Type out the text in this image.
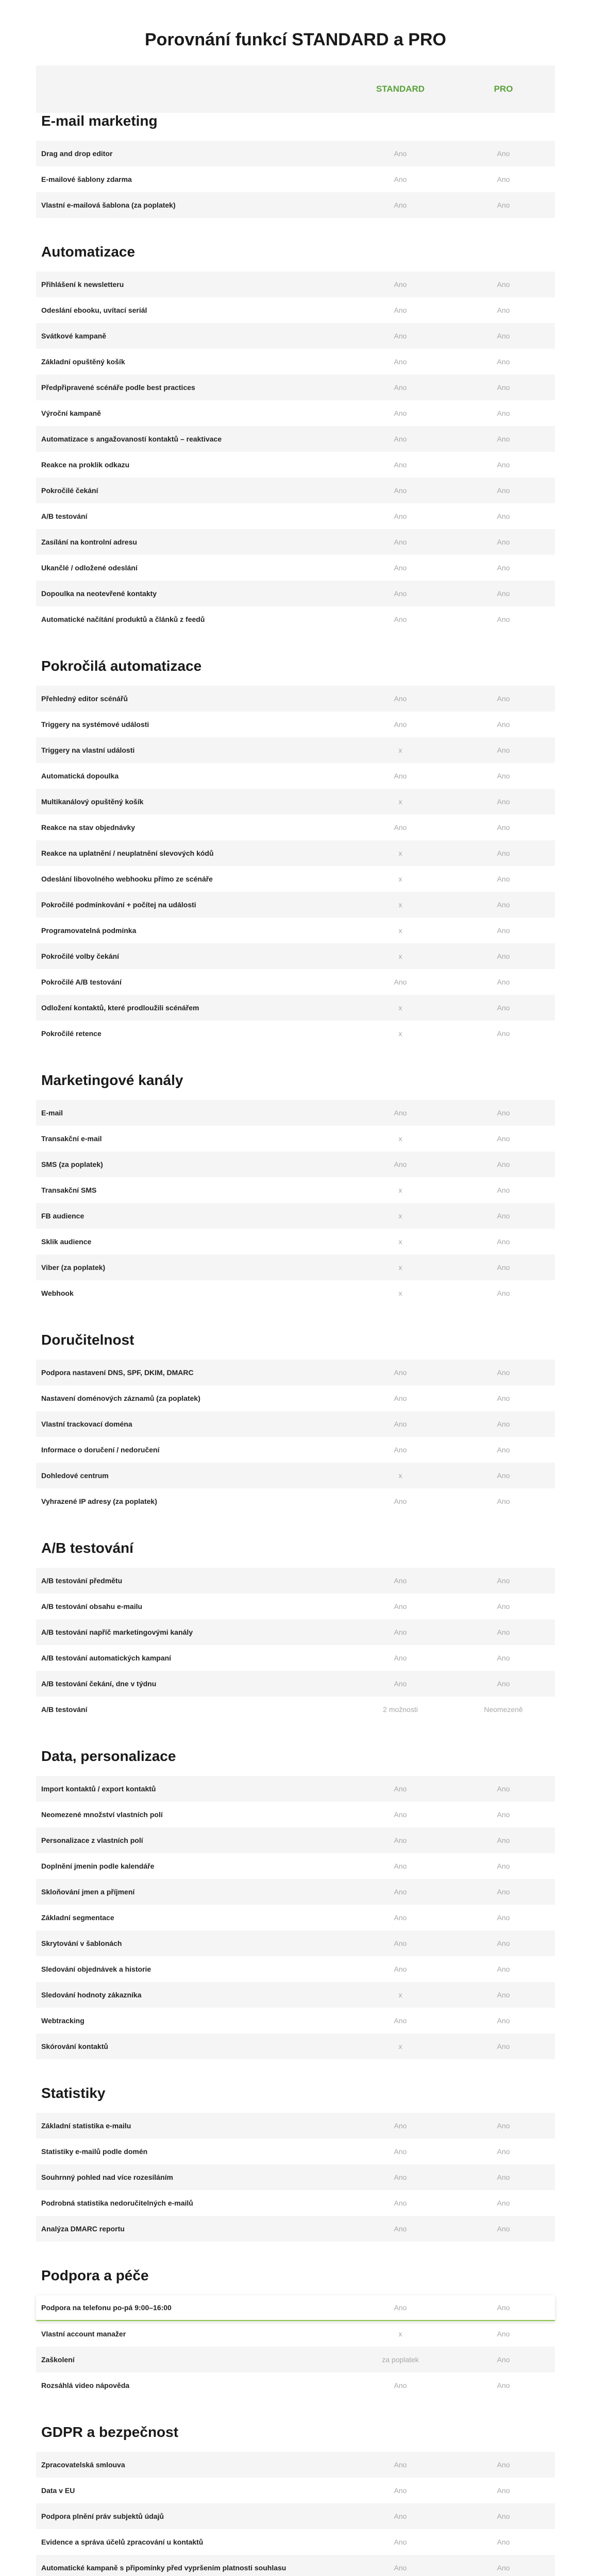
Porovnání funkcí STANDARD a PRO
STANDARD	PRO
E-mail marketing
Drag and drop editor	Ano	Ano
E-mailové šablony zdarma	Ano	Ano
Vlastní e-mailová šablona (za poplatek)	Ano	Ano
Automatizace
Přihlášení k newsletteru	Ano	Ano
Odeslání ebooku, uvítací seriál	Ano	Ano
Svátkové kampaně	Ano	Ano
Základní opuštěný košík	Ano	Ano
Předpřipravené scénáře podle best practices	Ano	Ano
Výroční kampaně	Ano	Ano
Automatizace s angažovaností kontaktů – reaktivace	Ano	Ano
Reakce na proklik odkazu	Ano	Ano
Pokročilé čekání	Ano	Ano
A/B testování	Ano	Ano
Zasílání na kontrolní adresu	Ano	Ano
Ukančlé / odložené odeslání	Ano	Ano
Dopoulka na neotevřené kontakty	Ano	Ano
Automatické načítání produktů a článků z feedů	Ano	Ano
Pokročilá automatizace
Přehledný editor scénářů	Ano	Ano
Triggery na systémové události	Ano	Ano
Triggery na vlastní události	x	Ano
Automatická dopoulka	Ano	Ano
Multikanálový opuštěný košík	x	Ano
Reakce na stav objednávky	Ano	Ano
Reakce na uplatnění / neuplatnění slevových kódů	x	Ano
Odeslání libovolného webhooku přímo ze scénáře	x	Ano
Pokročilé podmínkování + počítej na události	x	Ano
Programovatelná podmínka	x	Ano
Pokročilé volby čekání	x	Ano
Pokročilé A/B testování	Ano	Ano
Odložení kontaktů, které prodloužili scénářem	x	Ano
Pokročilé retence	x	Ano
Marketingové kanály
E-mail	Ano	Ano
Transakční e-mail	x	Ano
SMS (za poplatek)	Ano	Ano
Transakční SMS	x	Ano
FB audience	x	Ano
Sklik audience	x	Ano
Viber (za poplatek)	x	Ano
Webhook	x	Ano
Doručitelnost
Podpora nastavení DNS, SPF, DKIM, DMARC	Ano	Ano
Nastavení doménových záznamů (za poplatek)	Ano	Ano
Vlastní trackovací doména	Ano	Ano
Informace o doručení / nedoručení	Ano	Ano
Dohledové centrum	x	Ano
Vyhrazené IP adresy (za poplatek)	Ano	Ano
A/B testování
A/B testování předmětu	Ano	Ano
A/B testování obsahu e-mailu	Ano	Ano
A/B testování napříč marketingovými kanály	Ano	Ano
A/B testování automatických kampaní	Ano	Ano
A/B testování čekání, dne v týdnu	Ano	Ano
A/B testování	2 možnosti	Neomezeně
Data, personalizace
Import kontaktů / export kontaktů	Ano	Ano
Neomezené množství vlastních polí	Ano	Ano
Personalizace z vlastních polí	Ano	Ano
Doplnění jmenin podle kalendáře	Ano	Ano
Skloňování jmen a příjmení	Ano	Ano
Základní segmentace	Ano	Ano
Skrytování v šablonách	Ano	Ano
Sledování objednávek a historie	Ano	Ano
Sledování hodnoty zákazníka	x	Ano
Webtracking	Ano	Ano
Skórování kontaktů	x	Ano
Statistiky
Základní statistika e-mailu	Ano	Ano
Statistiky e-mailů podle domén	Ano	Ano
Souhrnný pohled nad více rozesíláním	Ano	Ano
Podrobná statistika nedoručitelných e-mailů	Ano	Ano
Analýza DMARC reportu	Ano	Ano
Podpora a péče
Podpora na telefonu po-pá 9:00–16:00	Ano	Ano
Vlastní account manažer	x	Ano
Zaškolení	za poplatek	Ano
Rozsáhlá video nápověda	Ano	Ano
GDPR a bezpečnost
Zpracovatelská smlouva	Ano	Ano
Data v EU	Ano	Ano
Podpora plnění práv subjektů údajů	Ano	Ano
Evidence a správa účelů zpracování u kontaktů	Ano	Ano
Automatické kampaně s připomínky před vypršením platnosti souhlasu	Ano	Ano
